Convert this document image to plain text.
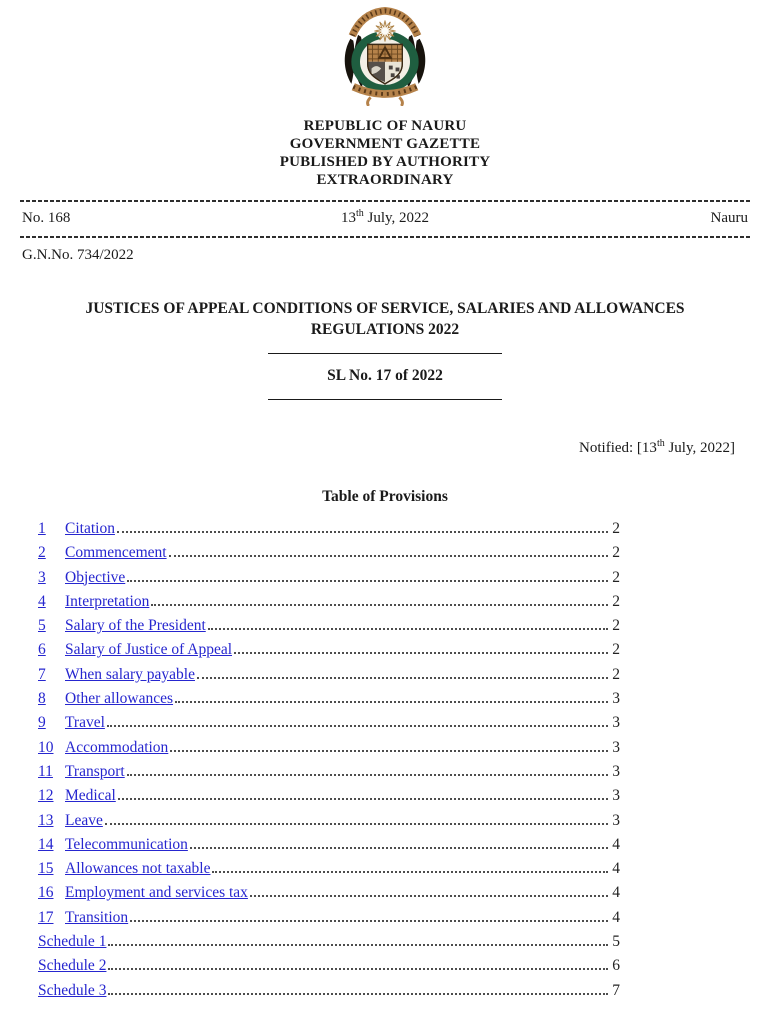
REPUBLIC OF NAURU
GOVERNMENT GAZETTE
PUBLISHED BY AUTHORITY
EXTRAORDINARY
No. 168	13th July, 2022	Nauru
G.N.No. 734/2022
JUSTICES OF APPEAL CONDITIONS OF SERVICE, SALARIES AND ALLOWANCES
REGULATIONS 2022
SL No. 17 of 2022
Notified: [13th July, 2022]
Table of Provisions
1	Citation	2
2	Commencement	2
3	Objective	2
4	Interpretation	2
5	Salary of the President	2
6	Salary of Justice of Appeal	2
7	When salary payable	2
8	Other allowances	3
9	Travel	3
10 Accommodation	3
11 Transport	3
12 Medical	3
13 Leave	3
14 Telecommunication	4
15 Allowances not taxable	4
16 Employment and services tax	4
17 Transition	4
Schedule 1	5
Schedule 2	6
Schedule 3	7
